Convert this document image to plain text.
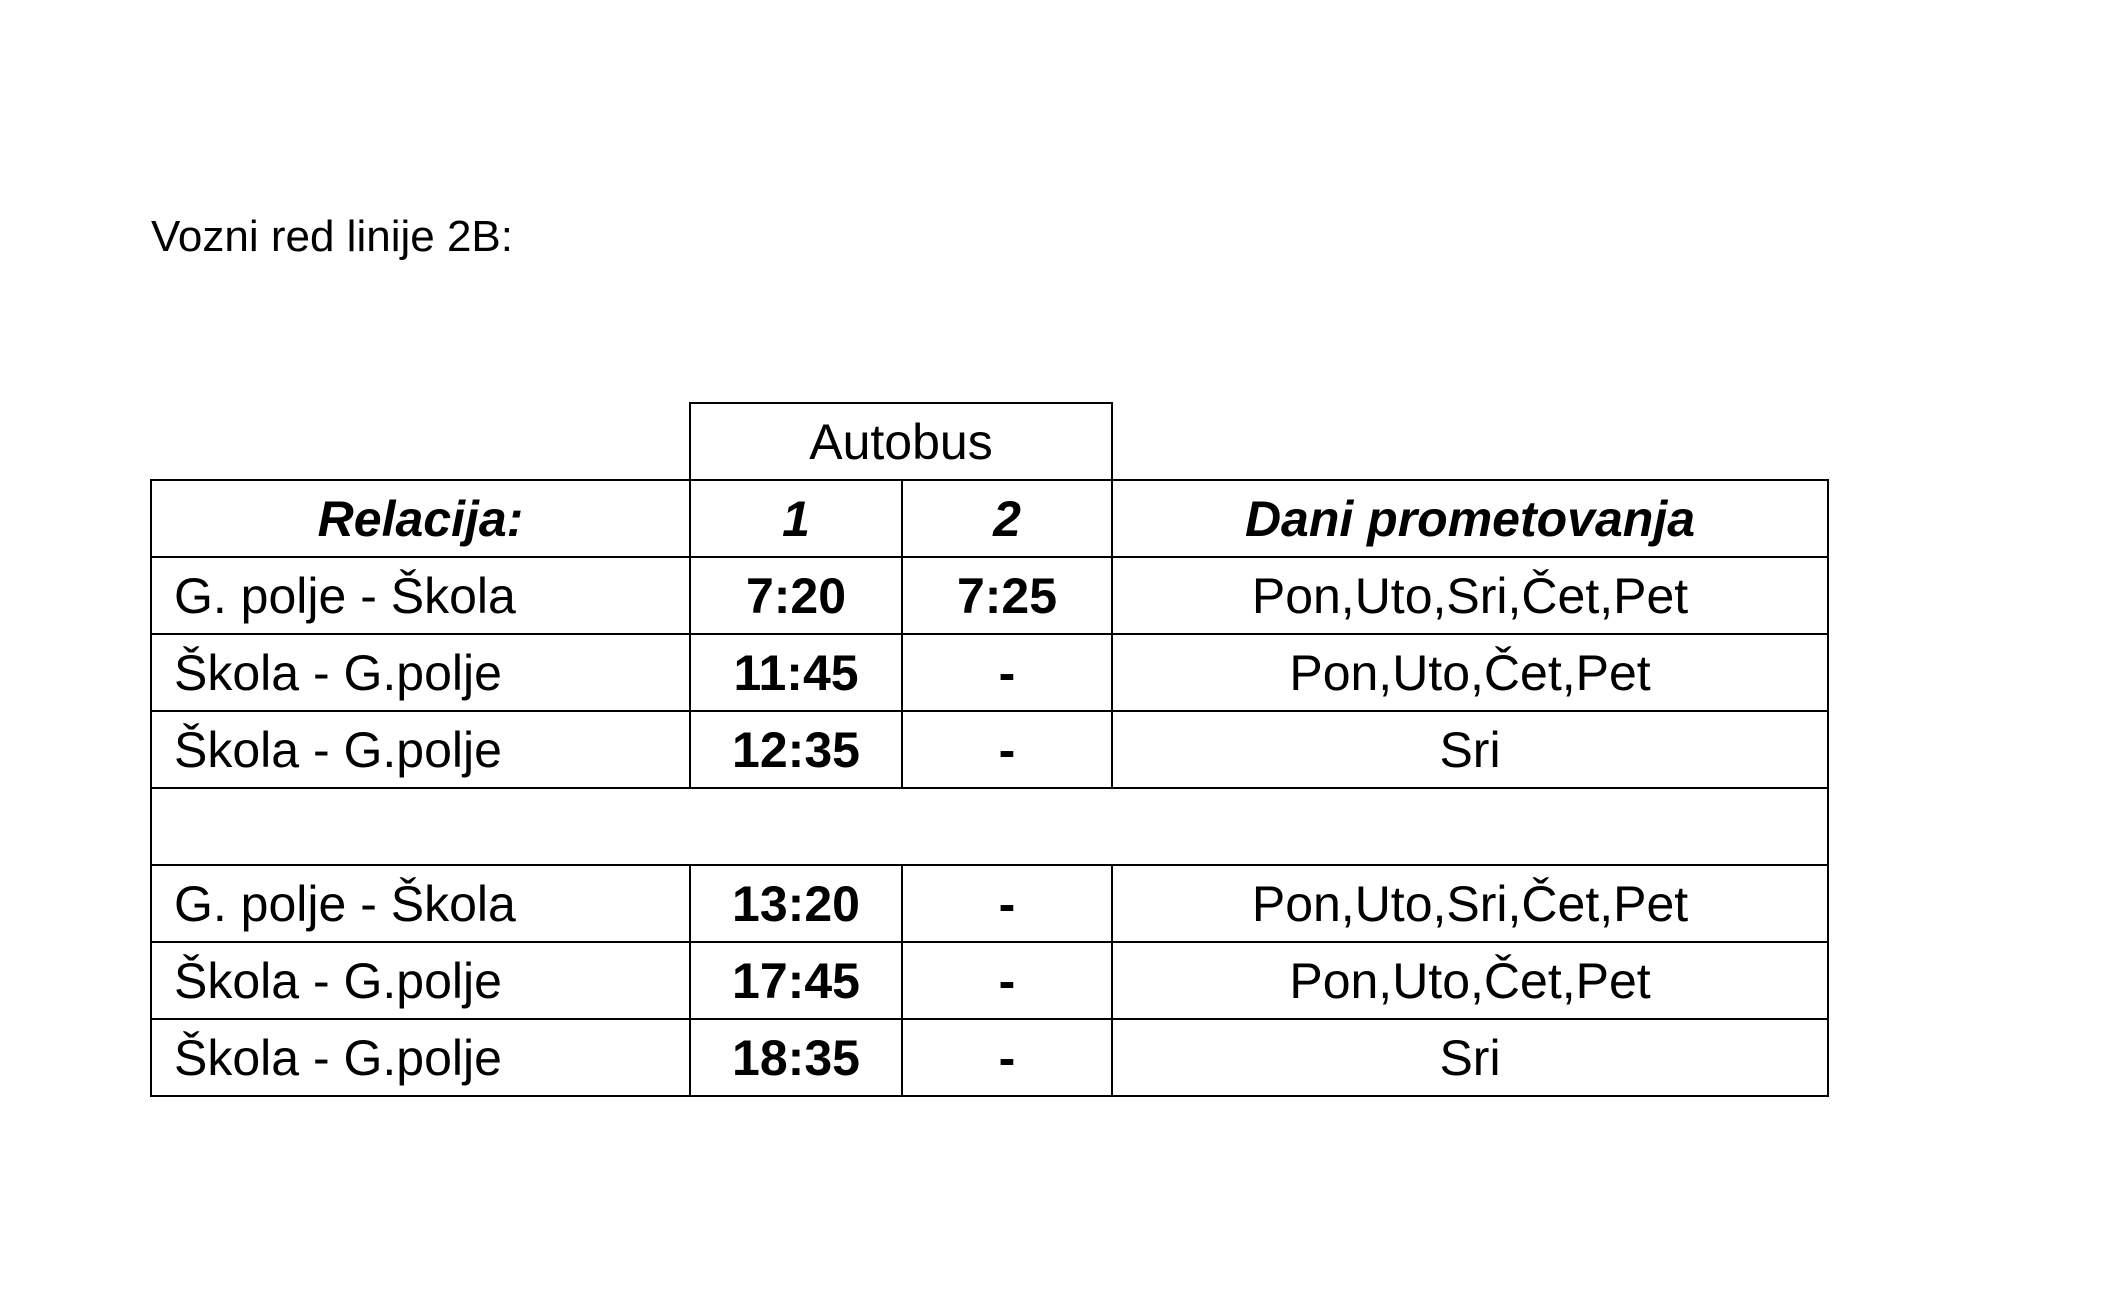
Vozni red linije 2B:
	Autobus		
Relacija:	1	2	Dani prometovanja
G. polje - Škola	7:20	7:25	Pon,Uto,Sri,Čet,Pet
Škola - G.polje	11:45	-	Pon,Uto,Čet,Pet
Škola - G.polje	12:35	-	Sri

G. polje - Škola	13:20	-	Pon,Uto,Sri,Čet,Pet
Škola - G.polje	17:45	-	Pon,Uto,Čet,Pet
Škola - G.polje	18:35	-	Sri
